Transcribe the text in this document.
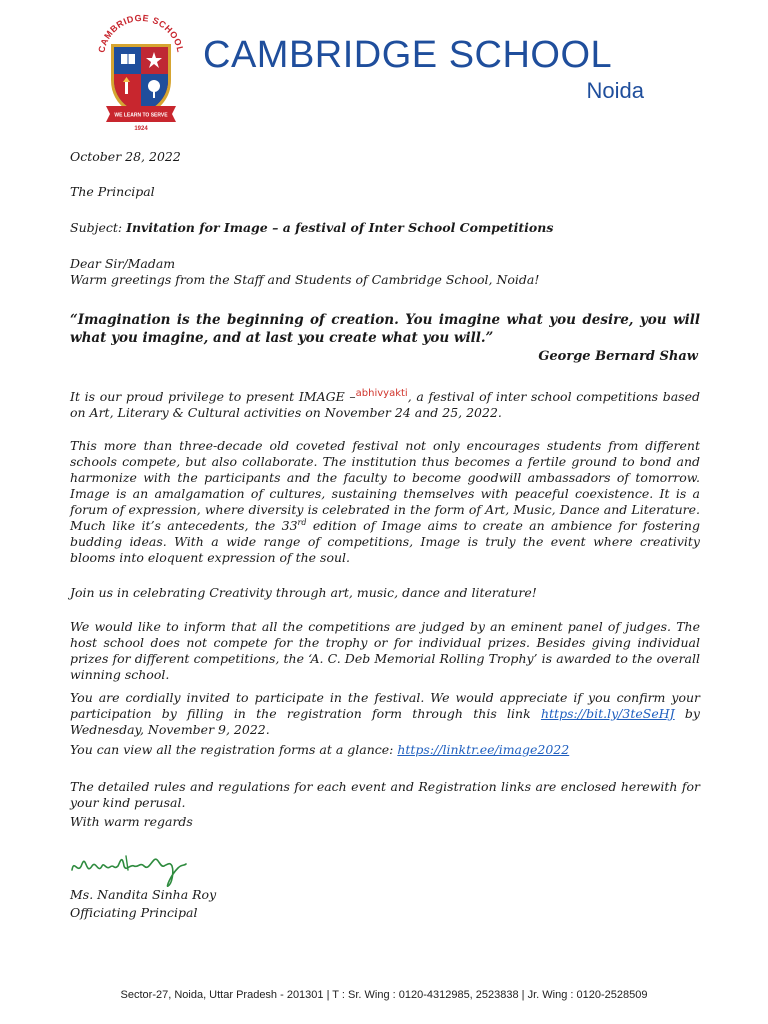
CAMBRIDGE SCHOOL
WE LEARN TO SERVE
1924
CAMBRIDGE SCHOOL
Noida

October 28, 2022

The Principal

Subject: Invitation for Image – a festival of Inter School Competitions

Dear Sir/Madam

Warm greetings from the Staff and Students of Cambridge School, Noida!

“Imagination is the beginning of creation. You imagine what you desire, you will what you imagine, and at last you create what you will.”

George Bernard Shaw

It is our proud privilege to present IMAGE –$^{abhivyakti}$, a festival of inter school competitions based on Art, Literary & Cultural activities on November 24 and 25, 2022.

This more than three-decade old coveted festival not only encourages students from different schools compete, but also collaborate. The institution thus becomes a fertile ground to bond and harmonize with the participants and the faculty to become goodwill ambassadors of tomorrow. Image is an amalgamation of cultures, sustaining themselves with peaceful coexistence. It is a forum of expression, where diversity is celebrated in the form of Art, Music, Dance and Literature. Much like it’s antecedents, the 33rd edition of Image aims to create an ambience for fostering budding ideas. With a wide range of competitions, Image is truly the event where creativity blooms into eloquent expression of the soul.

Join us in celebrating Creativity through art, music, dance and literature!

We would like to inform that all the competitions are judged by an eminent panel of judges. The host school does not compete for the trophy or for individual prizes. Besides giving individual prizes for different competitions, the ‘A. C. Deb Memorial Rolling Trophy’ is awarded to the overall winning school.

You are cordially invited to participate in the festival. We would appreciate if you confirm your participation by filling in the registration form through this link https://bit.ly/3teSeHJ by Wednesday, November 9, 2022.

You can view all the registration forms at a glance: https://linktr.ee/image2022

The detailed rules and regulations for each event and Registration links are enclosed herewith for your kind perusal.

With warm regards

Ms. Nandita Sinha Roy

Officiating Principal

Sector-27, Noida, Uttar Pradesh - 201301 | T : Sr. Wing : 0120-4312985, 2523838 | Jr. Wing : 0120-2528509
